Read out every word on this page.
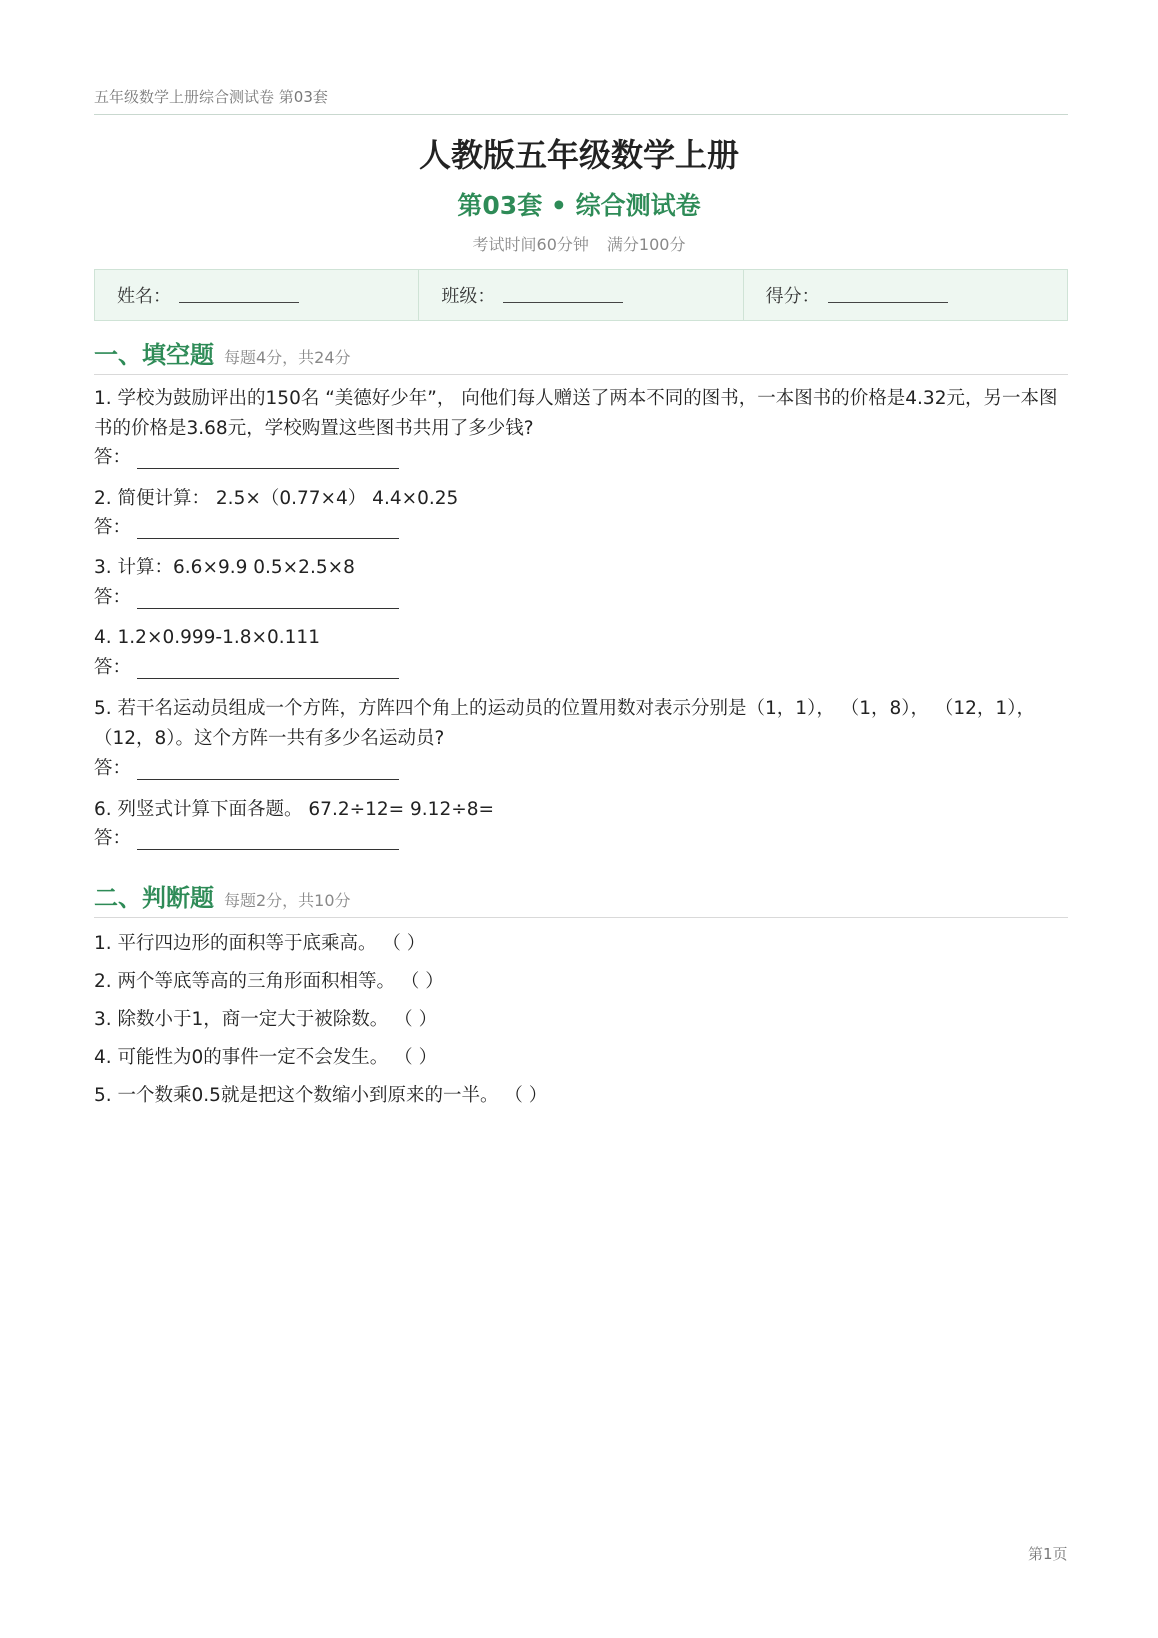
五年级数学上册综合测试卷 第03套
人教版五年级数学上册
第03套 • 综合测试卷
考试时间60分钟 满分100分
姓名：	班级：	得分：
一、填空题 每题4分，共24分
1. 学校为鼓励评出的150名 “美德好少年”， 向他们每人赠送了两本不同的图书，一本图书的价格是4.32元，另一本图书的价格是3.68元，学校购置这些图书共用了多少钱?
答：
2. 简便计算： 2.5×（0.77×4） 4.4×0.25
答：
3. 计算：6.6×9.9 0.5×2.5×8
答：
4. 1.2×0.999-1.8×0.111
答：
5. 若干名运动员组成一个方阵，方阵四个角上的运动员的位置用数对表示分别是（1，1）， （1，8）， （12，1）， （12，8）。这个方阵一共有多少名运动员?
答：
6. 列竖式计算下面各题。 67.2÷12= 9.12÷8=
答：
二、判断题 每题2分，共10分
1. 平行四边形的面积等于底乘高。 （ ）
2. 两个等底等高的三角形面积相等。 （ ）
3. 除数小于1，商一定大于被除数。 （ ）
4. 可能性为0的事件一定不会发生。 （ ）
5. 一个数乘0.5就是把这个数缩小到原来的一半。 （ ）
第1页
